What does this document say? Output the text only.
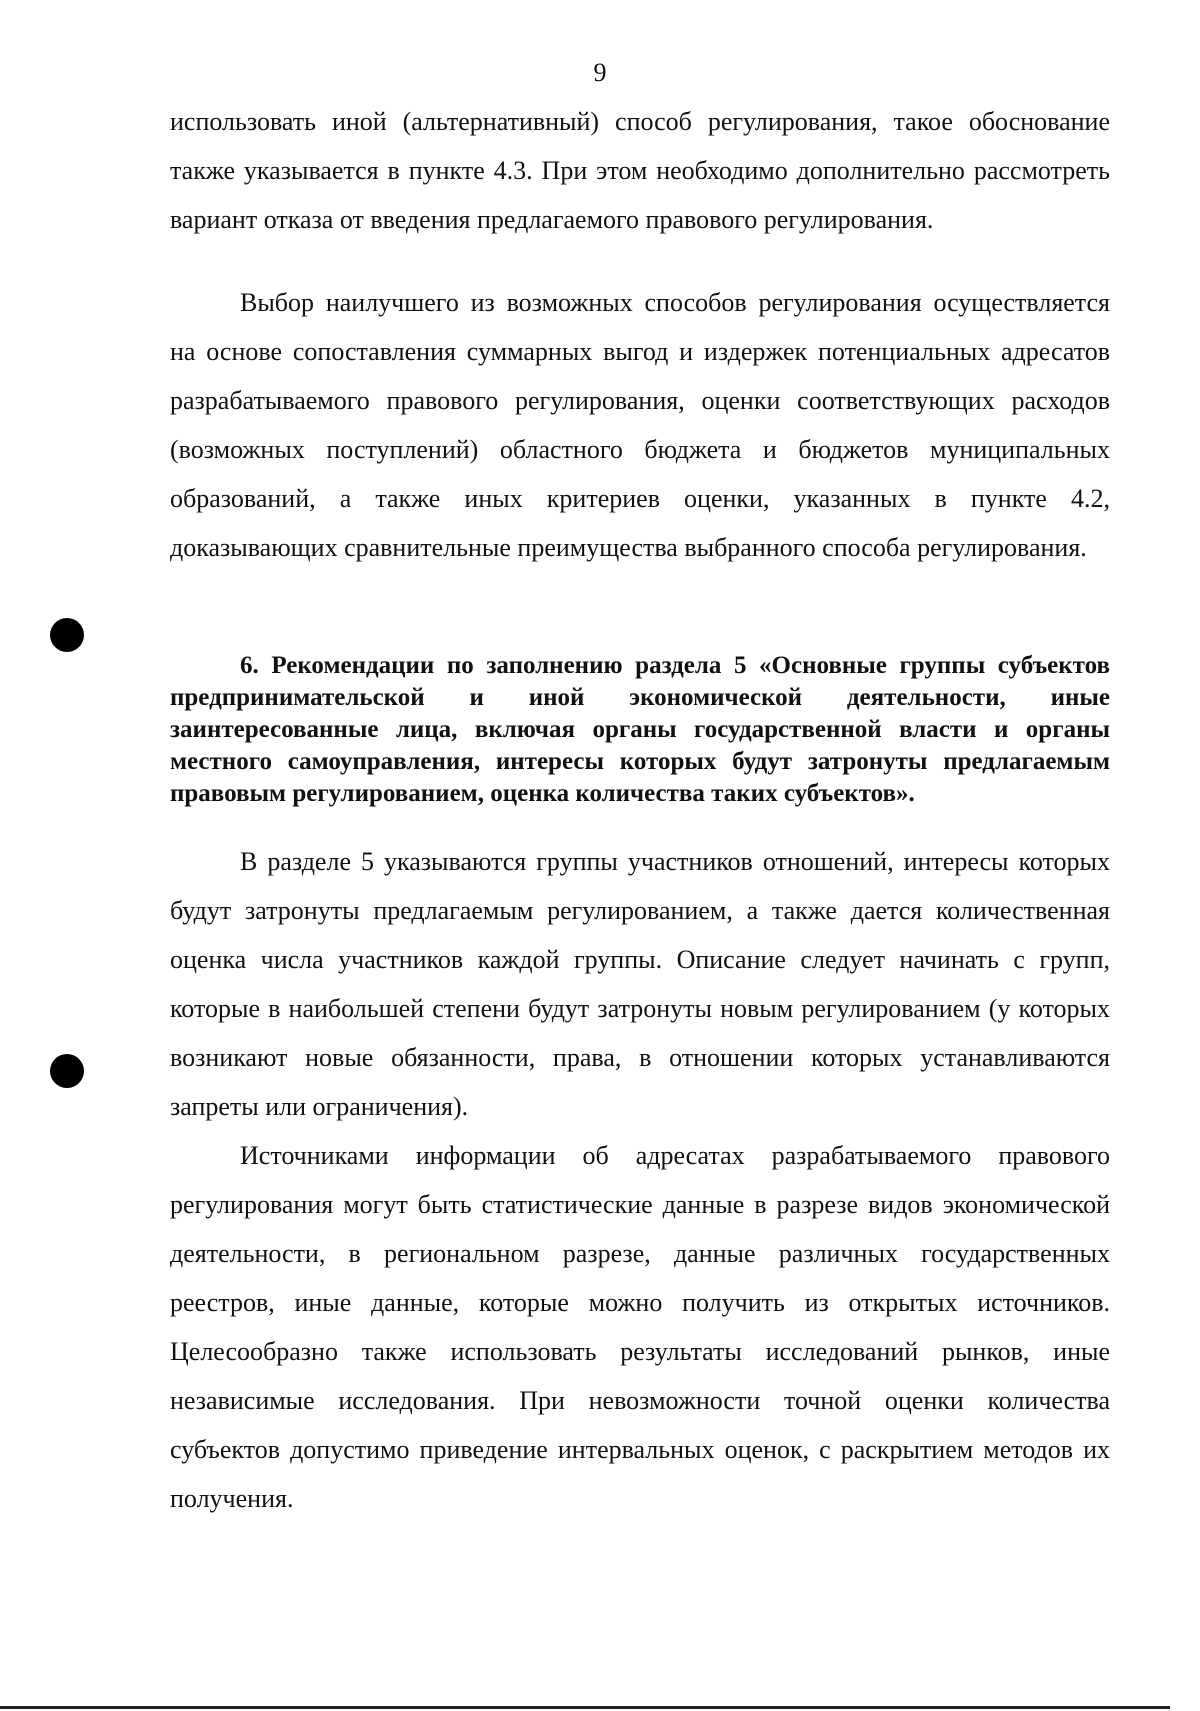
9

использовать иной (альтернативный) способ регулирования, такое обоснование также указывается в пункте 4.3. При этом необходимо дополнительно рассмотреть вариант отказа от введения предлагаемого правового регулирования.

Выбор наилучшего из возможных способов регулирования осуществляется на основе сопоставления суммарных выгод и издержек потенциальных адресатов разрабатываемого правового регулирования, оценки соответствующих расходов (возможных поступлений) областного бюджета и бюджетов муниципальных образований, а также иных критериев оценки, указанных в пункте 4.2, доказывающих сравнительные преимущества выбранного способа регулирования.

6. Рекомендации по заполнению раздела 5 «Основные группы субъектов предпринимательской и иной экономической деятельности, иные заинтересованные лица, включая органы государственной власти и органы местного самоуправления, интересы которых будут затронуты предлагаемым правовым регулированием, оценка количества таких субъектов».

В разделе 5 указываются группы участников отношений, интересы которых будут затронуты предлагаемым регулированием, а также дается количественная оценка числа участников каждой группы. Описание следует начинать с групп, которые в наибольшей степени будут затронуты новым регулированием (у которых возникают новые обязанности, права, в отношении которых устанавливаются запреты или ограничения).

Источниками информации об адресатах разрабатываемого правового регулирования могут быть статистические данные в разрезе видов экономической деятельности, в региональном разрезе, данные различных государственных реестров, иные данные, которые можно получить из открытых источников. Целесообразно также использовать результаты исследований рынков, иные независимые исследования. При невозможности точной оценки количества субъектов допустимо приведение интервальных оценок, с раскрытием методов их получения.
